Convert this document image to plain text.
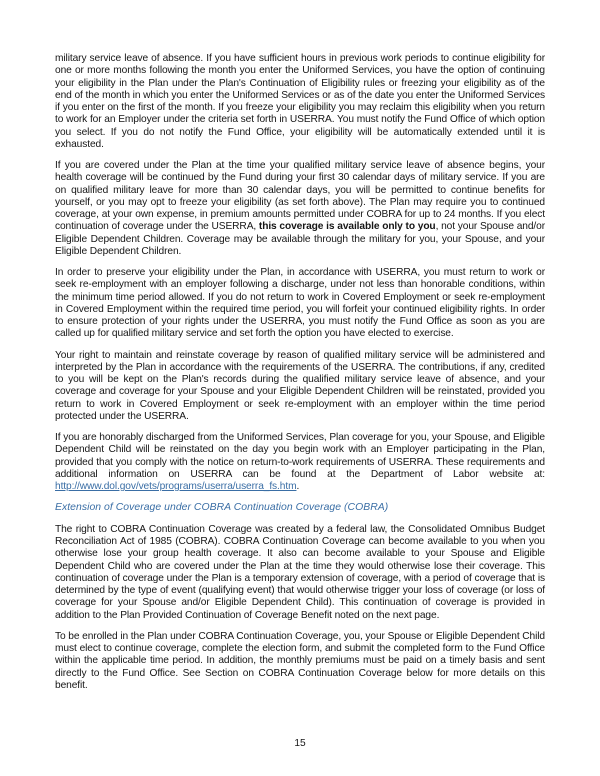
military service leave of absence. If you have sufficient hours in previous work periods to continue eligibility for one or more months following the month you enter the Uniformed Services, you have the option of continuing your eligibility in the Plan under the Plan's Continuation of Eligibility rules or freezing your eligibility as of the end of the month in which you enter the Uniformed Services or as of the date you enter the Uniformed Services if you enter on the first of the month. If you freeze your eligibility you may reclaim this eligibility when you return to work for an Employer under the criteria set forth in USERRA. You must notify the Fund Office of which option you select. If you do not notify the Fund Office, your eligibility will be automatically extended until it is exhausted.

If you are covered under the Plan at the time your qualified military service leave of absence begins, your health coverage will be continued by the Fund during your first 30 calendar days of military service. If you are on qualified military leave for more than 30 calendar days, you will be permitted to continue benefits for yourself, or you may opt to freeze your eligibility (as set forth above). The Plan may require you to continued coverage, at your own expense, in premium amounts permitted under COBRA for up to 24 months. If you elect continuation of coverage under the USERRA, this coverage is available only to you, not your Spouse and/or Eligible Dependent Children. Coverage may be available through the military for you, your Spouse, and your Eligible Dependent Children.

In order to preserve your eligibility under the Plan, in accordance with USERRA, you must return to work or seek re-employment with an employer following a discharge, under not less than honorable conditions, within the minimum time period allowed. If you do not return to work in Covered Employment or seek re-employment in Covered Employment within the required time period, you will forfeit your continued eligibility rights. In order to ensure protection of your rights under the USERRA, you must notify the Fund Office as soon as you are called up for qualified military service and set forth the option you have elected to exercise.

Your right to maintain and reinstate coverage by reason of qualified military service will be administered and interpreted by the Plan in accordance with the requirements of the USERRA. The contributions, if any, credited to you will be kept on the Plan's records during the qualified military service leave of absence, and your coverage and coverage for your Spouse and your Eligible Dependent Children will be reinstated, provided you return to work in Covered Employment or seek re-employment with an employer within the time period protected under the USERRA.

If you are honorably discharged from the Uniformed Services, Plan coverage for you, your Spouse, and Eligible Dependent Child will be reinstated on the day you begin work with an Employer participating in the Plan, provided that you comply with the notice on return-to-work requirements of USERRA. These requirements and additional information on USERRA can be found at the Department of Labor website at: http://www.dol.gov/vets/programs/userra/userra_fs.htm.

Extension of Coverage under COBRA Continuation Coverage (COBRA)

The right to COBRA Continuation Coverage was created by a federal law, the Consolidated Omnibus Budget Reconciliation Act of 1985 (COBRA). COBRA Continuation Coverage can become available to you when you otherwise lose your group health coverage. It also can become available to your Spouse and Eligible Dependent Child who are covered under the Plan at the time they would otherwise lose their coverage. This continuation of coverage under the Plan is a temporary extension of coverage, with a period of coverage that is determined by the type of event (qualifying event) that would otherwise trigger your loss of coverage (or loss of coverage for your Spouse and/or Eligible Dependent Child). This continuation of coverage is provided in addition to the Plan Provided Continuation of Coverage Benefit noted on the next page.

To be enrolled in the Plan under COBRA Continuation Coverage, you, your Spouse or Eligible Dependent Child must elect to continue coverage, complete the election form, and submit the completed form to the Fund Office within the applicable time period. In addition, the monthly premiums must be paid on a timely basis and sent directly to the Fund Office. See Section on COBRA Continuation Coverage below for more details on this benefit.

15
